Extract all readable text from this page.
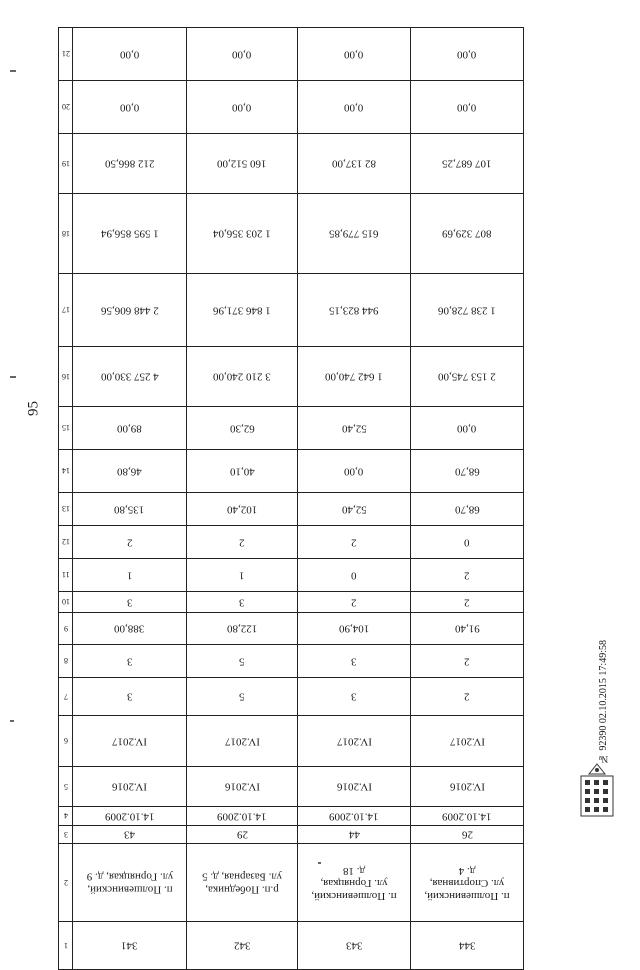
95
21	0,00	0,00	0,00	0,00
20	0,00	0,00	0,00	0,00
19	212 866,50	160 512,00	82 137,00	107 687,25
18	1 595 856,94	1 203 356,04	615 779,85	807 329,69
17	2 448 606,56	1 846 371,96	944 823,15	1 238 728,06
16	4 257 330,00	3 210 240,00	1 642 740,00	2 153 745,00
15	89,00	62,30	52,40	0,00
14	46,80	40,10	0,00	68,70
13	135,80	102,40	52,40	68,70
12	2	2	2	0
11	1	1	0	2
10	3	3	2	2
9	388,00	122,80	104,90	91,40
8	3	5	3	2
7	3	5	3	2
6	IV.2017	IV.2017	IV.2017	IV.2017
5	IV.2016	IV.2016	IV.2016	IV.2016
4	14.10.2009	14.10.2009	14.10.2009	14.10.2009
3	43	29	44	26
2	п. Полшевинский,
ул. Горняцкая, д. 9	р.п. Победника,
ул. Базарная, д. 5	п. Полшевинский,
ул. Горняцкая,
д. 18	п. Полшевинский,
ул. Спортивная,
д. 4
1	341	342	343	344
№ 92390 02.10.2015 17:49:58
